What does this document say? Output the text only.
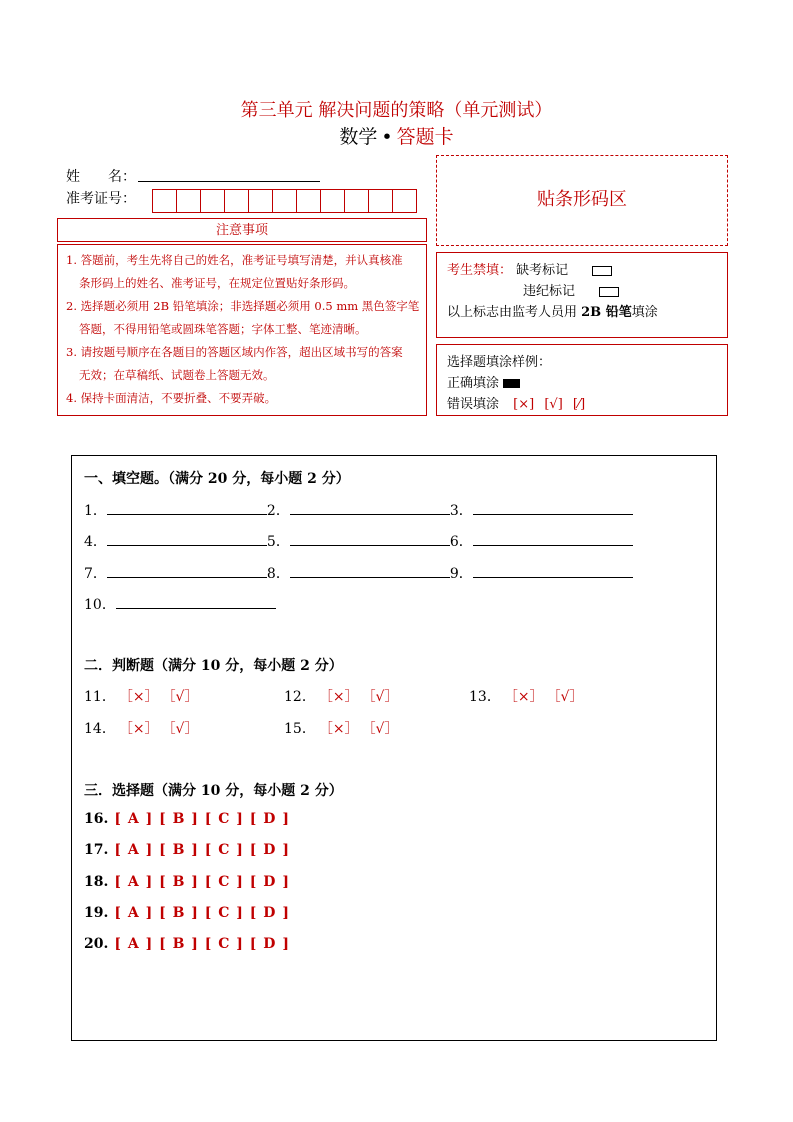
第三单元 解决问题的策略（单元测试）
数学 • 答题卡
姓　　名：
准考证号：
注意事项

1. 答题前，考生先将自己的姓名，准考证号填写清楚，并认真核准

条形码上的姓名、准考证号，在规定位置贴好条形码。

2. 选择题必须用 2B 铅笔填涂；非选择题必须用 0.5 mm 黑色签字笔

答题，不得用铅笔或圆珠笔答题；字体工整、笔迹清晰。

3. 请按题号顺序在各题目的答题区域内作答，超出区域书写的答案

无效；在草稿纸、试题卷上答题无效。

4. 保持卡面清洁，不要折叠、不要弄破。

贴条形码区
考生禁填： 缺考标记
违纪标记
以上标志由监考人员用 2B 铅笔填涂
选择题填涂样例：
正确填涂
错误填涂 [×] [√] [⁄]
一、填空题。（满分 20 分，每小题 2 分）
1．	2．	3．
4．	5．	6．
7．	8．	9．
10．
二．判断题（满分 10 分，每小题 2 分）
11． ［×］ ［√］	12． ［×］ ［√］	13． ［×］ ［√］
14． ［×］ ［√］	15． ［×］ ［√］
三．选择题（满分 10 分，每小题 2 分）
16. [ A ] [ B ] [ C ] [ D ]
17. [ A ] [ B ] [ C ] [ D ]
18. [ A ] [ B ] [ C ] [ D ]
19. [ A ] [ B ] [ C ] [ D ]
20. [ A ] [ B ] [ C ] [ D ]
